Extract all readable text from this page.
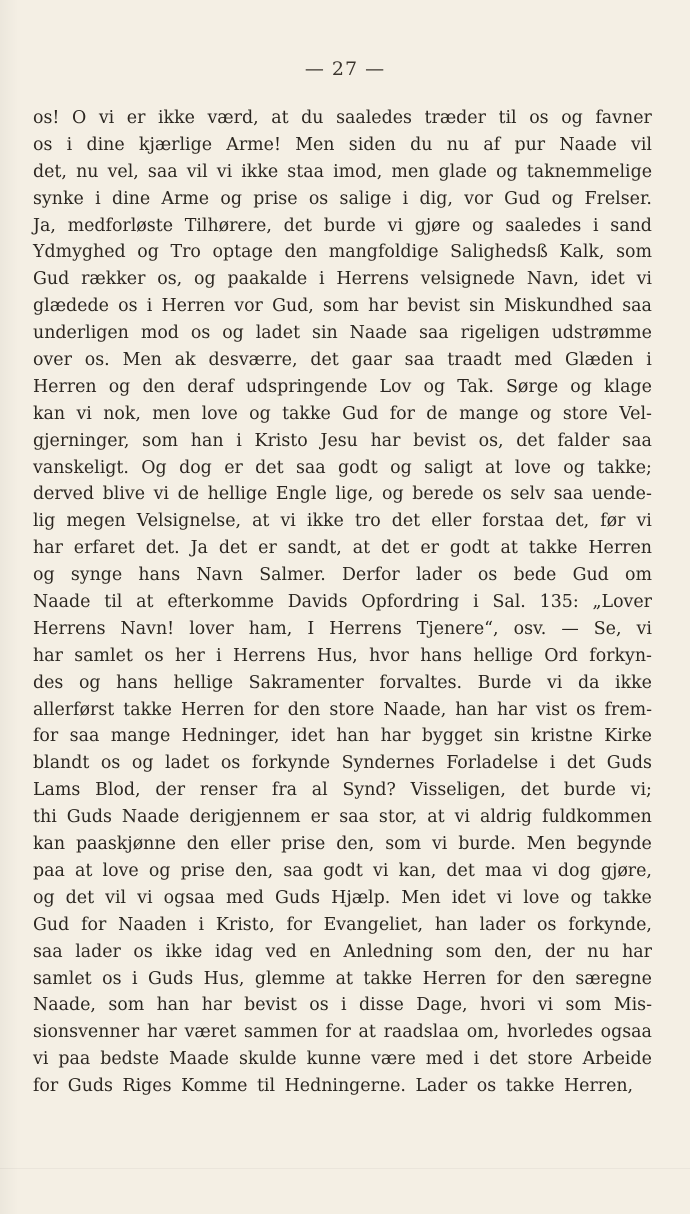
— 27 —
os! O vi er ikke værd, at du saaledes træder til os og favner
os i dine kjærlige Arme! Men siden du nu af pur Naade vil
det, nu vel, saa vil vi ikke staa imod, men glade og taknemmelige
synke i dine Arme og prise os salige i dig, vor Gud og Frelser.
Ja, medforløste Tilhørere, det burde vi gjøre og saaledes i sand
Ydmyghed og Tro optage den mangfoldige Salighedsß Kalk, som
Gud rækker os, og paakalde i Herrens velsignede Navn, idet vi
glædede os i Herren vor Gud, som har bevist sin Miskundhed saa
underligen mod os og ladet sin Naade saa rigeligen udstrømme
over os. Men ak desværre, det gaar saa traadt med Glæden i
Herren og den deraf udspringende Lov og Tak. Sørge og klage
kan vi nok, men love og takke Gud for de mange og store Vel-
gjerninger, som han i Kristo Jesu har bevist os, det falder saa
vanskeligt. Og dog er det saa godt og saligt at love og takke;
derved blive vi de hellige Engle lige, og berede os selv saa uende-
lig megen Velsignelse, at vi ikke tro det eller forstaa det, før vi
har erfaret det. Ja det er sandt, at det er godt at takke Herren
og synge hans Navn Salmer. Derfor lader os bede Gud om
Naade til at efterkomme Davids Opfordring i Sal. 135: „Lover
Herrens Navn! lover ham, I Herrens Tjenere“, osv. — Se, vi
har samlet os her i Herrens Hus, hvor hans hellige Ord forkyn-
des og hans hellige Sakramenter forvaltes. Burde vi da ikke
allerførst takke Herren for den store Naade, han har vist os frem-
for saa mange Hedninger, idet han har bygget sin kristne Kirke
blandt os og ladet os forkynde Syndernes Forladelse i det Guds
Lams Blod, der renser fra al Synd? Visseligen, det burde vi;
thi Guds Naade derigjennem er saa stor, at vi aldrig fuldkommen
kan paaskjønne den eller prise den, som vi burde. Men begynde
paa at love og prise den, saa godt vi kan, det maa vi dog gjøre,
og det vil vi ogsaa med Guds Hjælp. Men idet vi love og takke
Gud for Naaden i Kristo, for Evangeliet, han lader os forkynde,
saa lader os ikke idag ved en Anledning som den, der nu har
samlet os i Guds Hus, glemme at takke Herren for den særegne
Naade, som han har bevist os i disse Dage, hvori vi som Mis-
sionsvenner har været sammen for at raadslaa om, hvorledes ogsaa
vi paa bedste Maade skulde kunne være med i det store Arbeide
for Guds Riges Komme til Hedningerne. Lader os takke Herren,
